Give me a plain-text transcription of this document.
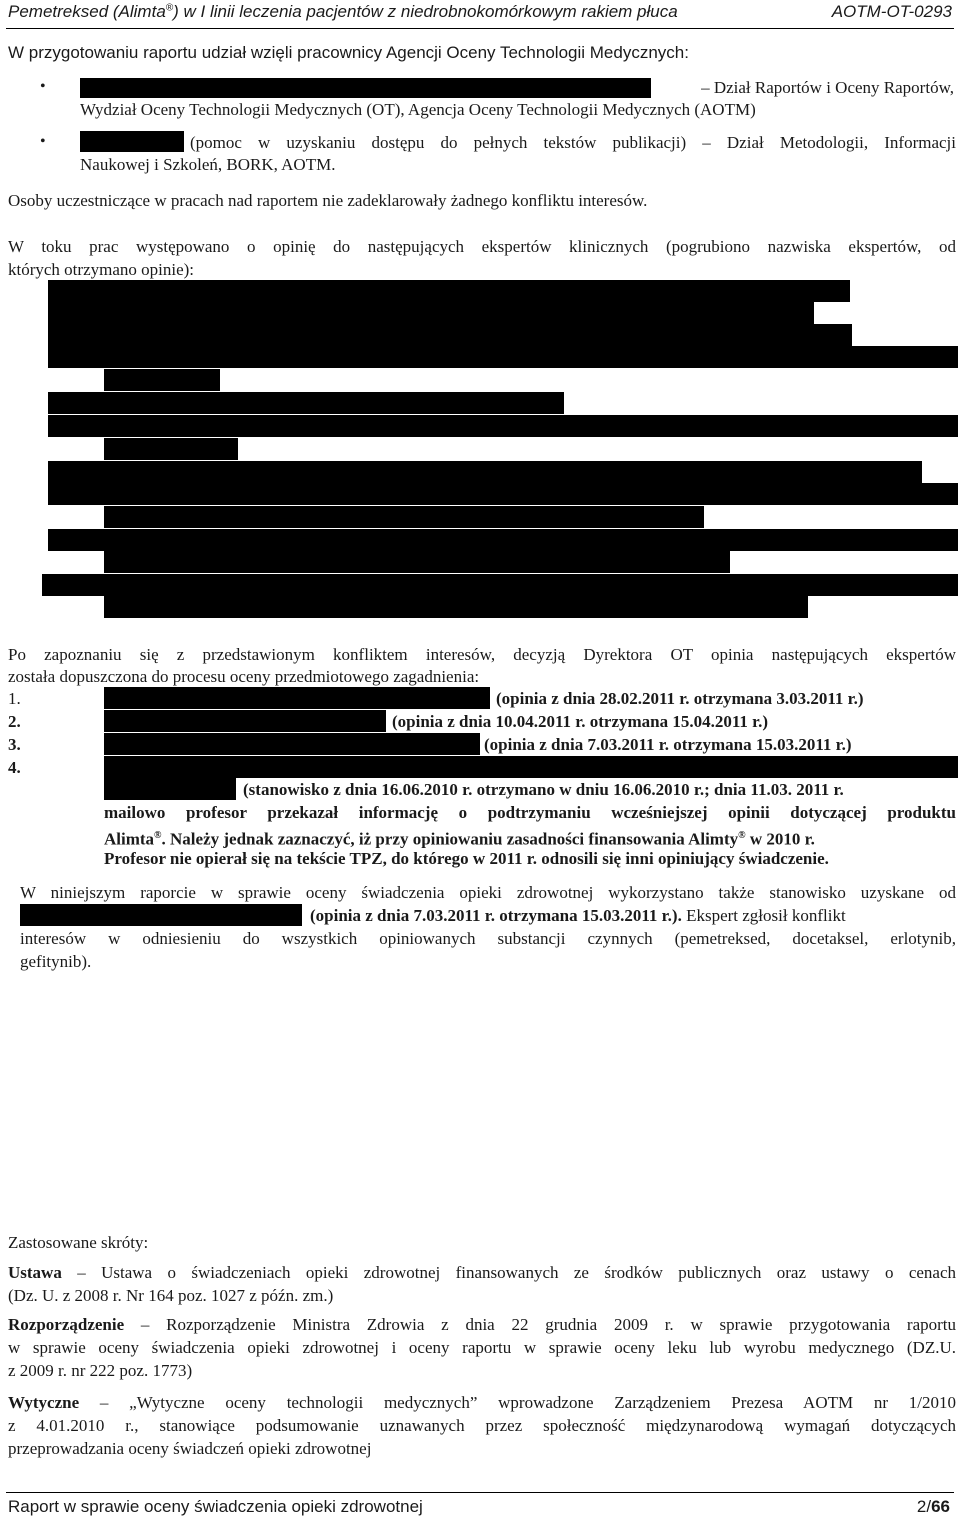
Pemetreksed (Alimta®) w I linii leczenia pacjentów z niedrobnokomórkowym rakiem płuca	AOTM-OT-0293
W przygotowaniu raportu udział wzięli pracownicy Agencji Oceny Technologii Medycznych:
•	– Dział Raportów i Oceny Raportów,
Wydział Oceny Technologii Medycznych (OT), Agencja Oceny Technologii Medycznych (AOTM)
•	(pomoc w uzyskaniu dostępu do pełnych tekstów publikacji) – Dział Metodologii, Informacji
Naukowej i Szkoleń, BORK, AOTM.
Osoby uczestniczące w pracach nad raportem nie zadeklarowały żadnego konfliktu interesów.
W toku prac występowano o opinię do następujących ekspertów klinicznych (pogrubiono nazwiska ekspertów, od
których otrzymano opinie):
Po zapoznaniu się z przedstawionym konfliktem interesów, decyzją Dyrektora OT opinia następujących ekspertów
została dopuszczona do procesu oceny przedmiotowego zagadnienia:
1.	(opinia z dnia 28.02.2011 r. otrzymana 3.03.2011 r.)
2.	(opinia z dnia 10.04.2011 r. otrzymana 15.04.2011 r.)
3.	(opinia z dnia 7.03.2011 r. otrzymana 15.03.2011 r.)
4.
(stanowisko z dnia 16.06.2010 r. otrzymano w dniu 16.06.2010 r.; dnia 11.03. 2011 r.
mailowo profesor przekazał informację o podtrzymaniu wcześniejszej opinii dotyczącej produktu
Alimta®. Należy jednak zaznaczyć, iż przy opiniowaniu zasadności finansowania Alimty® w 2010 r.
Profesor nie opierał się na tekście TPZ, do którego w 2011 r. odnosili się inni opiniujący świadczenie.
W niniejszym raporcie w sprawie oceny świadczenia opieki zdrowotnej wykorzystano także stanowisko uzyskane od
(opinia z dnia 7.03.2011 r. otrzymana 15.03.2011 r.). Ekspert zgłosił konflikt
interesów w odniesieniu do wszystkich opiniowanych substancji czynnych (pemetreksed, docetaksel, erlotynib,
gefitynib).
Zastosowane skróty:
Ustawa – Ustawa o świadczeniach opieki zdrowotnej finansowanych ze środków publicznych oraz ustawy o cenach
(Dz. U. z 2008 r. Nr 164 poz. 1027 z późn. zm.)
Rozporządzenie – Rozporządzenie Ministra Zdrowia z dnia 22 grudnia 2009 r. w sprawie przygotowania raportu
w sprawie oceny świadczenia opieki zdrowotnej i oceny raportu w sprawie oceny leku lub wyrobu medycznego (DZ.U.
z 2009 r. nr 222 poz. 1773)
Wytyczne – „Wytyczne oceny technologii medycznych” wprowadzone Zarządzeniem Prezesa AOTM nr 1/2010
z 4.01.2010 r., stanowiące podsumowanie uznawanych przez społeczność międzynarodową wymagań dotyczących
przeprowadzania oceny świadczeń opieki zdrowotnej
Raport w sprawie oceny świadczenia opieki zdrowotnej	2/66
